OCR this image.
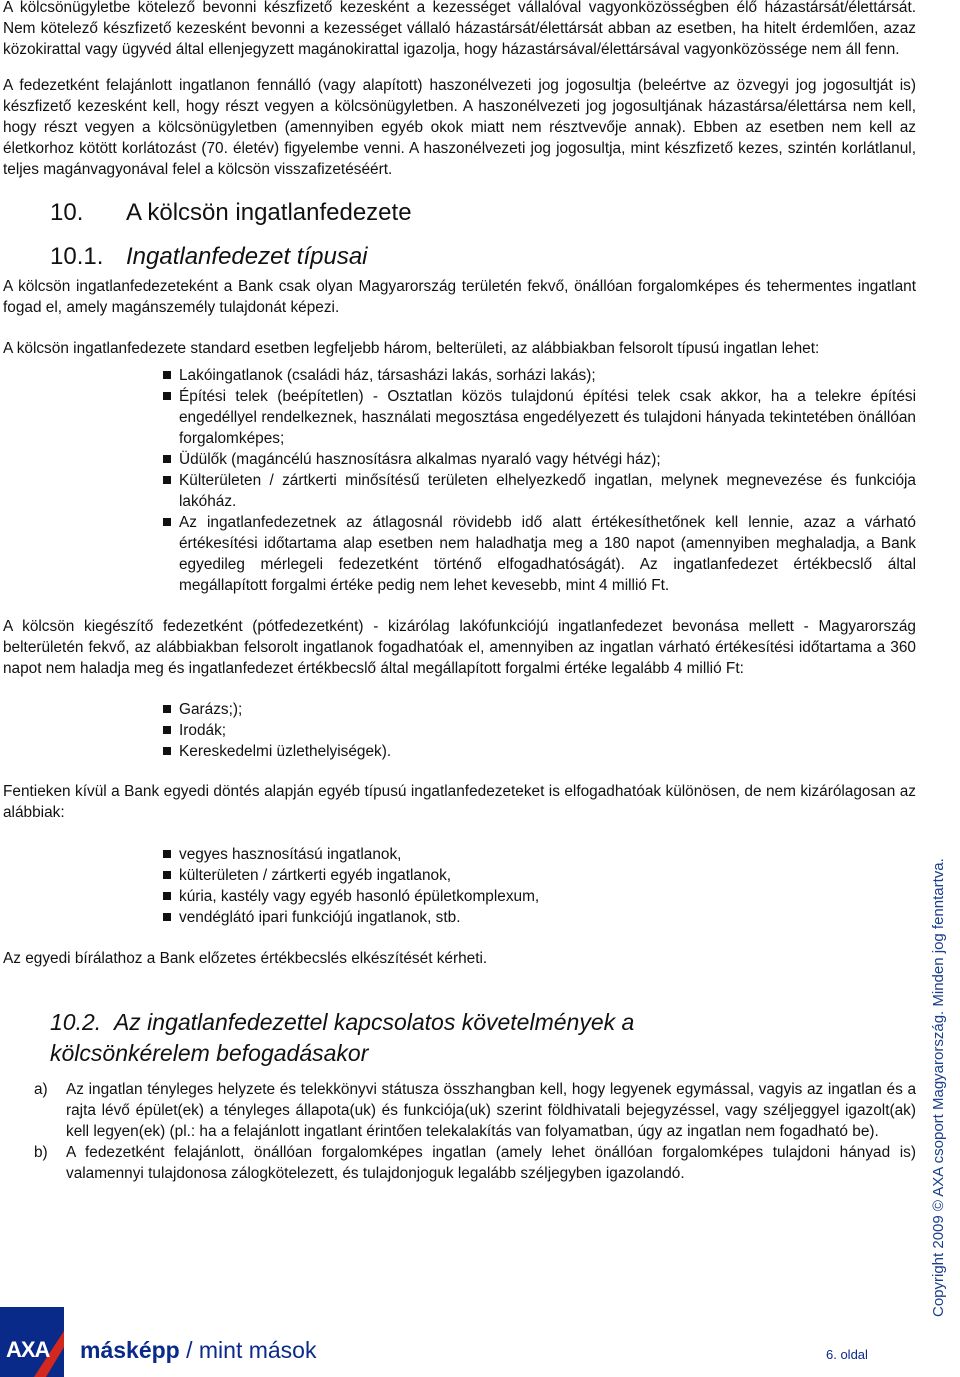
A kölcsönügyletbe kötelező bevonni készfizető kezesként a kezességet vállalóval vagyonközösségben élő házastársát/élettársát. Nem kötelező készfizető kezesként bevonni a kezességet vállaló házastársát/élettársát abban az esetben, ha hitelt érdemlően, azaz közokirattal vagy ügyvéd által ellenjegyzett magánokirattal igazolja, hogy házastársával/élettársával vagyonközössége nem áll fenn.

A fedezetként felajánlott ingatlanon fennálló (vagy alapított) haszonélvezeti jog jogosultja (beleértve az özvegyi jog jogosultját is) készfizető kezesként kell, hogy részt vegyen a kölcsönügyletben. A haszonélvezeti jog jogosultjának házastársa/élettársa nem kell, hogy részt vegyen a kölcsönügyletben (amennyiben egyéb okok miatt nem résztvevője annak). Ebben az esetben nem kell az életkorhoz kötött korlátozást (70. életév) figyelembe venni. A haszonélvezeti jog jogosultja, mint készfizető kezes, szintén korlátlanul, teljes magánvagyonával felel a kölcsön visszafizetéséért.

10. A kölcsön ingatlanfedezete
10.1. Ingatlanfedezet típusai

A kölcsön ingatlanfedezeteként a Bank csak olyan Magyarország területén fekvő, önállóan forgalomképes és tehermentes ingatlant fogad el, amely magánszemély tulajdonát képezi.

A kölcsön ingatlanfedezete standard esetben legfeljebb három, belterületi, az alábbiakban felsorolt típusú ingatlan lehet:

Lakóingatlanok (családi ház, társasházi lakás, sorházi lakás);
Építési telek (beépítetlen) - Osztatlan közös tulajdonú építési telek csak akkor, ha a telekre építési engedéllyel rendelkeznek, használati megosztása engedélyezett és tulajdoni hányada tekintetében önállóan forgalomképes;
Üdülők (magáncélú hasznosításra alkalmas nyaraló vagy hétvégi ház);
Külterületen / zártkerti minősítésű területen elhelyezkedő ingatlan, melynek megnevezése és funkciója lakóház.
Az ingatlanfedezetnek az átlagosnál rövidebb idő alatt értékesíthetőnek kell lennie, azaz a várható értékesítési időtartama alap esetben nem haladhatja meg a 180 napot (amennyiben meghaladja, a Bank egyedileg mérlegeli fedezetként történő elfogadhatóságát). Az ingatlanfedezet értékbecslő által megállapított forgalmi értéke pedig nem lehet kevesebb, mint 4 millió Ft.

A kölcsön kiegészítő fedezetként (pótfedezetként) - kizárólag lakófunkciójú ingatlanfedezet bevonása mellett - Magyarország belterületén fekvő, az alábbiakban felsorolt ingatlanok fogadhatóak el, amennyiben az ingatlan várható értékesítési időtartama a 360 napot nem haladja meg és ingatlanfedezet értékbecslő által megállapított forgalmi értéke legalább 4 millió Ft:

Garázs;);
Irodák;
Kereskedelmi üzlethelyiségek).

Fentieken kívül a Bank egyedi döntés alapján egyéb típusú ingatlanfedezeteket is elfogadhatóak különösen, de nem kizárólagosan az alábbiak:

vegyes hasznosítású ingatlanok,
külterületen / zártkerti egyéb ingatlanok,
kúria, kastély vagy egyéb hasonló épületkomplexum,
vendéglátó ipari funkciójú ingatlanok, stb.

Az egyedi bírálathoz a Bank előzetes értékbecslés elkészítését kérheti.

10.2. Az ingatlanfedezettel kapcsolatos követelmények a
kölcsönkérelem befogadásakor
a) Az ingatlan tényleges helyzete és telekkönyvi státusza összhangban kell, hogy legyenek egymással, vagyis az ingatlan és a rajta lévő épület(ek) a tényleges állapota(uk) és funkciója(uk) szerint földhivatali bejegyzéssel, vagy széljeggyel igazolt(ak) kell legyen(ek) (pl.: ha a felajánlott ingatlant érintően telekalakítás van folyamatban, úgy az ingatlan nem fogadható be).
b) A fedezetként felajánlott, önállóan forgalomképes ingatlan (amely lehet önállóan forgalomképes tulajdoni hányad is) valamennyi tulajdonosa zálogkötelezett, és tulajdonjoguk legalább széljegyben igazolandó.	Copyright 2009 © AXA csoport Magyarország. Minden jog fenntartva.
AXA másképp / mint mások	6. oldal
